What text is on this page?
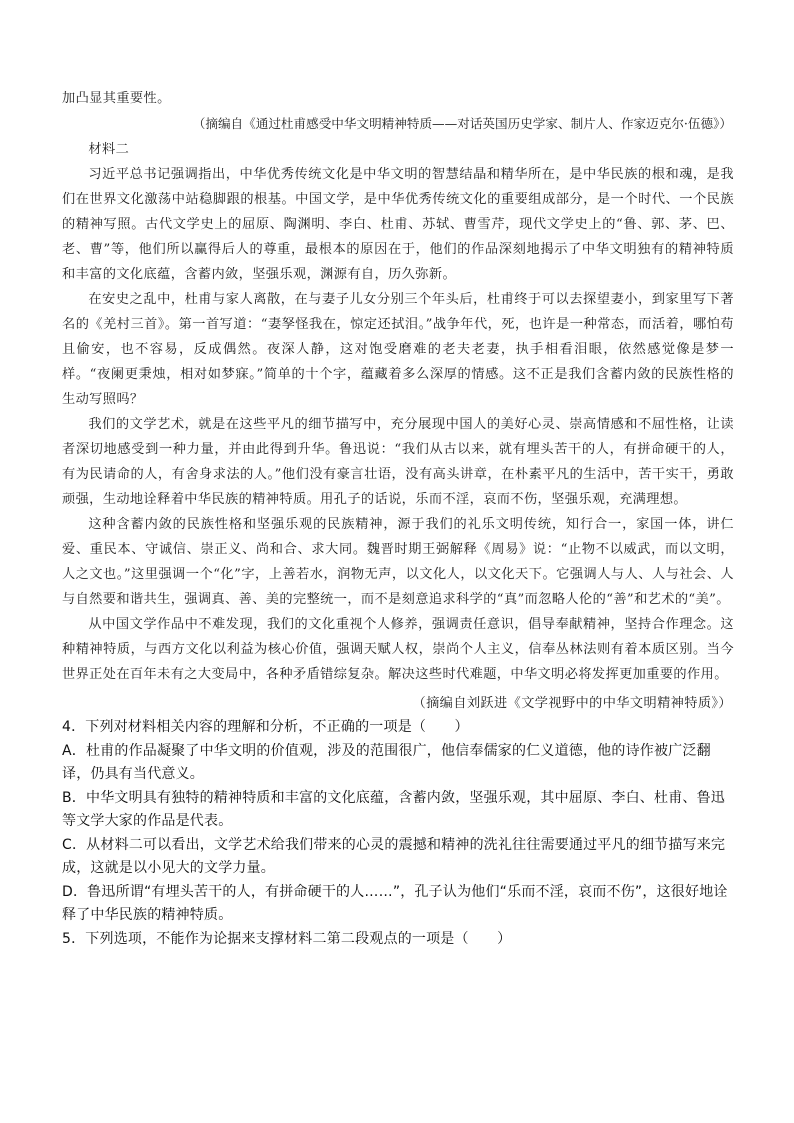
加凸显其重要性。

（摘编自《通过杜甫感受中华文明精神特质——对话英国历史学家、制片人、作家迈克尔·伍德》）

材料二

习近平总书记强调指出，中华优秀传统文化是中华文明的智慧结晶和精华所在，是中华民族的根和魂，是我们在世界文化激荡中站稳脚跟的根基。中国文学，是中华优秀传统文化的重要组成部分，是一个时代、一个民族的精神写照。古代文学史上的屈原、陶渊明、李白、杜甫、苏轼、曹雪芹，现代文学史上的“鲁、郭、茅、巴、老、曹”等，他们所以赢得后人的尊重，最根本的原因在于，他们的作品深刻地揭示了中华文明独有的精神特质和丰富的文化底蕴，含蓄内敛，坚强乐观，渊源有自，历久弥新。

在安史之乱中，杜甫与家人离散，在与妻子儿女分别三个年头后，杜甫终于可以去探望妻小，到家里写下著名的《羌村三首》。第一首写道：“妻孥怪我在，惊定还拭泪。”战争年代，死，也许是一种常态，而活着，哪怕苟且偷安，也不容易，反成偶然。夜深人静，这对饱受磨难的老夫老妻，执手相看泪眼，依然感觉像是梦一样。“夜阑更秉烛，相对如梦寐。”简单的十个字，蕴藏着多么深厚的情感。这不正是我们含蓄内敛的民族性格的生动写照吗？

我们的文学艺术，就是在这些平凡的细节描写中，充分展现中国人的美好心灵、崇高情感和不屈性格，让读者深切地感受到一种力量，并由此得到升华。鲁迅说：“我们从古以来，就有埋头苦干的人，有拼命硬干的人，有为民请命的人，有舍身求法的人。”他们没有豪言壮语，没有高头讲章，在朴素平凡的生活中，苦干实干，勇敢顽强，生动地诠释着中华民族的精神特质。用孔子的话说，乐而不淫，哀而不伤，坚强乐观，充满理想。

这种含蓄内敛的民族性格和坚强乐观的民族精神，源于我们的礼乐文明传统，知行合一，家国一体，讲仁爱、重民本、守诚信、崇正义、尚和合、求大同。魏晋时期王弼解释《周易》说：“止物不以威武，而以文明，人之文也。”这里强调一个“化”字，上善若水，润物无声，以文化人，以文化天下。它强调人与人、人与社会、人与自然要和谐共生，强调真、善、美的完整统一，而不是刻意追求科学的“真”而忽略人伦的“善”和艺术的“美”。

从中国文学作品中不难发现，我们的文化重视个人修养，强调责任意识，倡导奉献精神，坚持合作理念。这种精神特质，与西方文化以利益为核心价值，强调天赋人权，崇尚个人主义，信奉丛林法则有着本质区别。当今世界正处在百年未有之大变局中，各种矛盾错综复杂。解决这些时代难题，中华文明必将发挥更加重要的作用。

（摘编自刘跃进《文学视野中的中华文明精神特质》）

4．下列对材料相关内容的理解和分析，不正确的一项是（　　）

A．杜甫的作品凝聚了中华文明的价值观，涉及的范围很广，他信奉儒家的仁义道德，他的诗作被广泛翻译，仍具有当代意义。

B．中华文明具有独特的精神特质和丰富的文化底蕴，含蓄内敛，坚强乐观，其中屈原、李白、杜甫、鲁迅等文学大家的作品是代表。

C．从材料二可以看出，文学艺术给我们带来的心灵的震撼和精神的洗礼往往需要通过平凡的细节描写来完成，这就是以小见大的文学力量。

D．鲁迅所谓“有埋头苦干的人，有拼命硬干的人……”，孔子认为他们“乐而不淫，哀而不伤”，这很好地诠释了中华民族的精神特质。

5．下列选项，不能作为论据来支撑材料二第二段观点的一项是（　　）
